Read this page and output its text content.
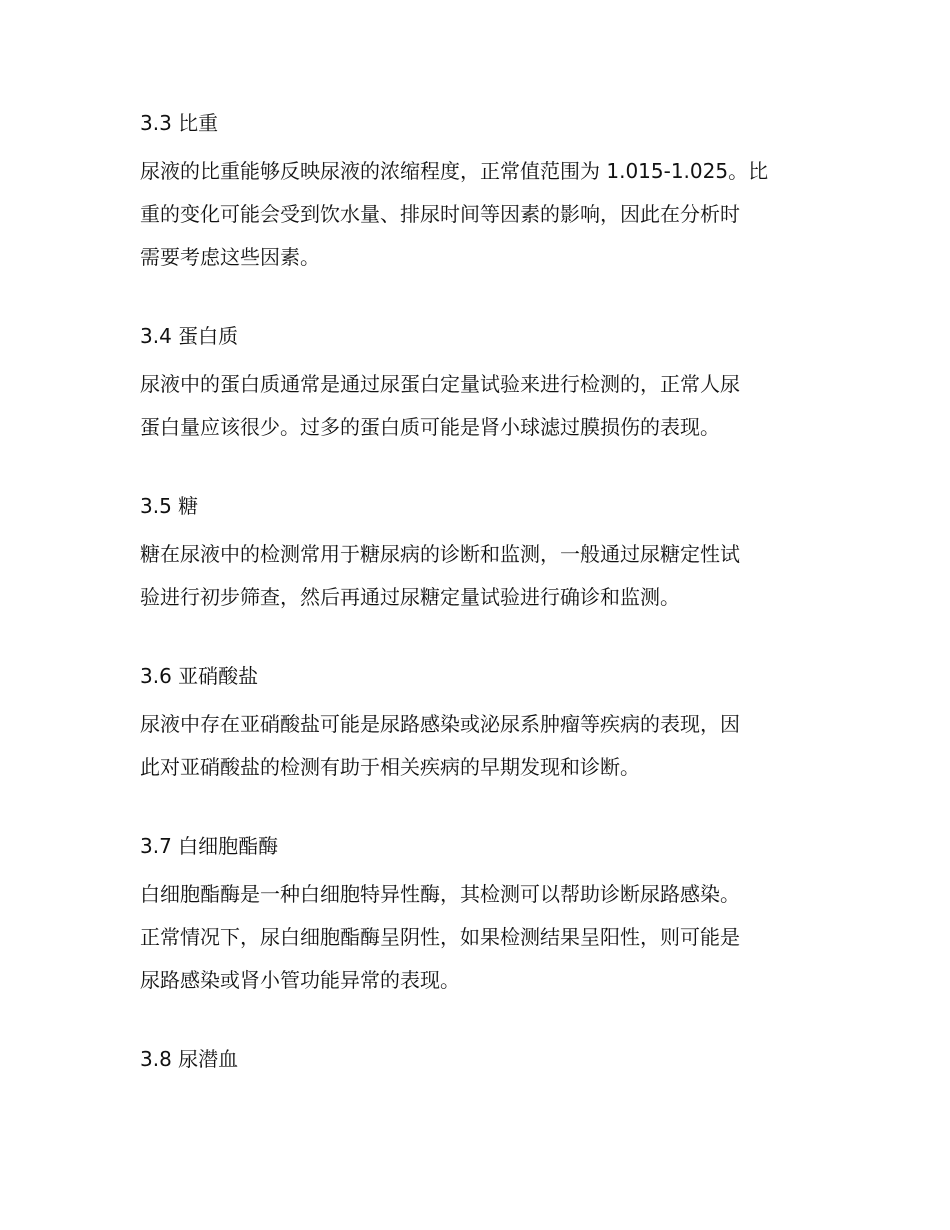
3.3 比重

尿液的比重能够反映尿液的浓缩程度，正常值范围为 1.015-1.025。比
重的变化可能会受到饮水量、排尿时间等因素的影响，因此在分析时
需要考虑这些因素。

3.4 蛋白质

尿液中的蛋白质通常是通过尿蛋白定量试验来进行检测的，正常人尿
蛋白量应该很少。过多的蛋白质可能是肾小球滤过膜损伤的表现。

3.5 糖

糖在尿液中的检测常用于糖尿病的诊断和监测，一般通过尿糖定性试
验进行初步筛查，然后再通过尿糖定量试验进行确诊和监测。

3.6 亚硝酸盐

尿液中存在亚硝酸盐可能是尿路感染或泌尿系肿瘤等疾病的表现，因
此对亚硝酸盐的检测有助于相关疾病的早期发现和诊断。

3.7 白细胞酯酶

白细胞酯酶是一种白细胞特异性酶，其检测可以帮助诊断尿路感染。
正常情况下，尿白细胞酯酶呈阴性，如果检测结果呈阳性，则可能是
尿路感染或肾小管功能异常的表现。

3.8 尿潜血
